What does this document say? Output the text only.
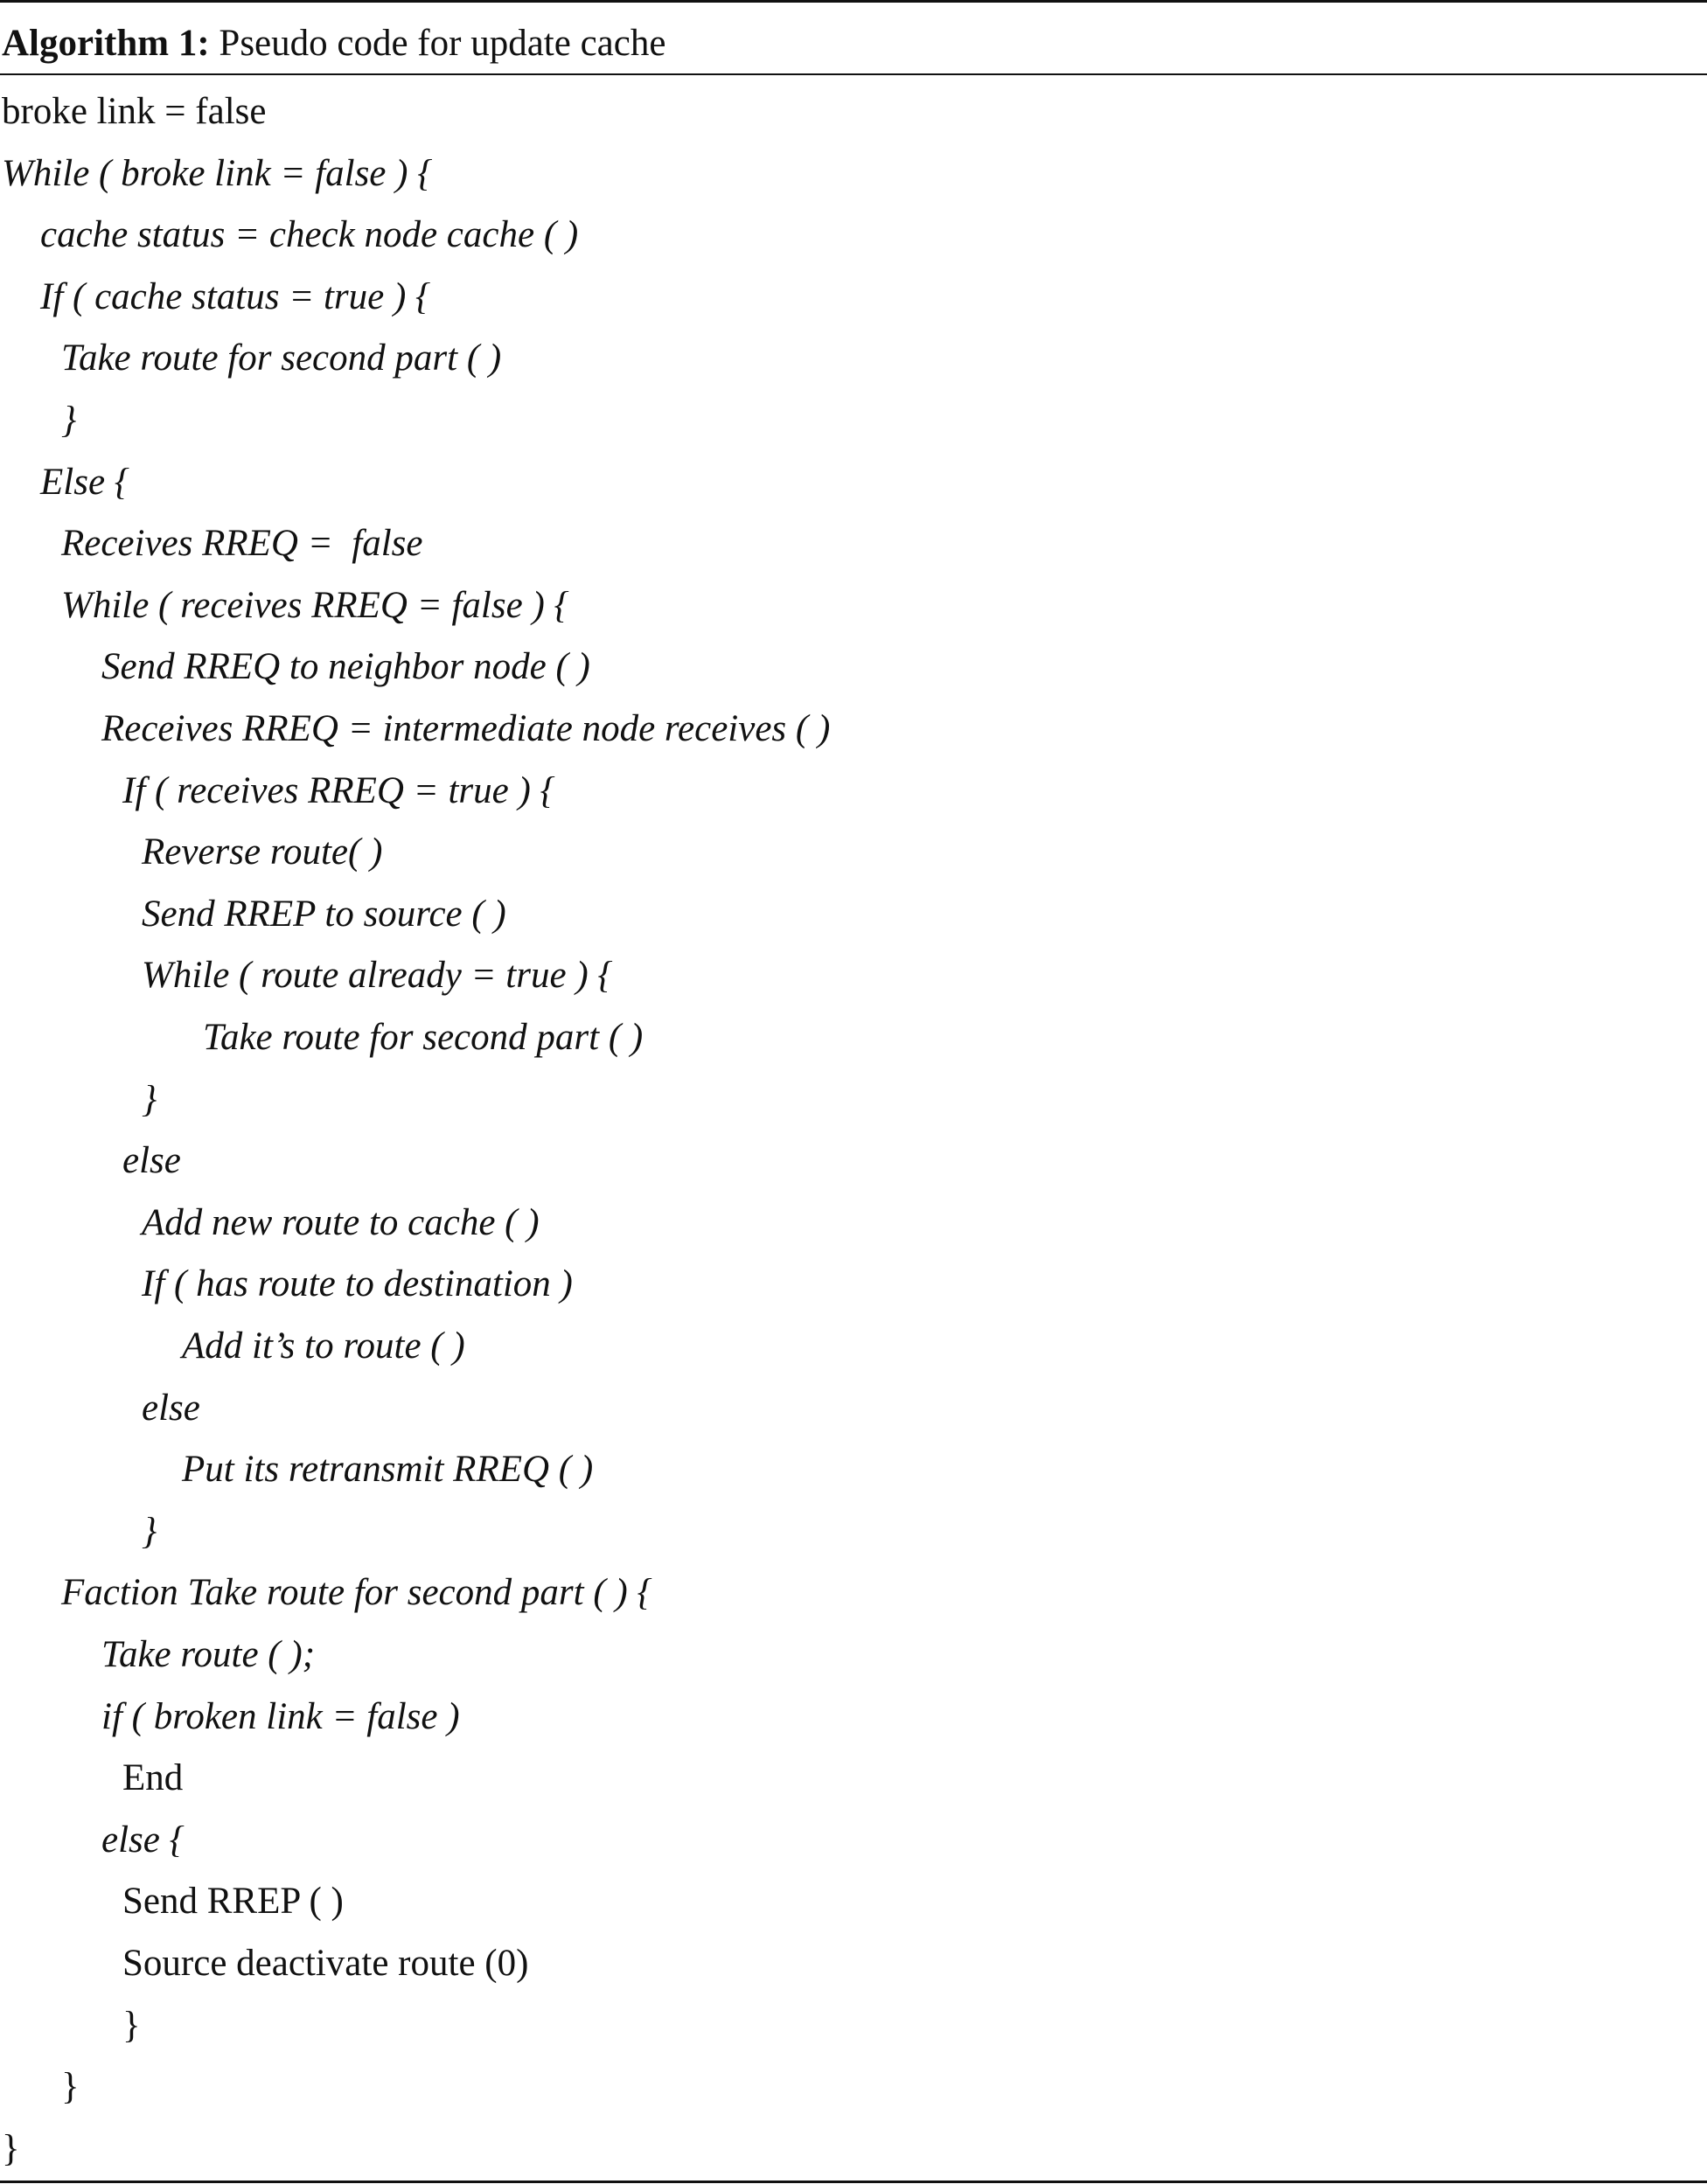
Algorithm 1: Pseudo code for update cache
broke link = false
While ( broke link = false ) {
cache status = check node cache ( )
If ( cache status = true ) {
Take route for second part ( )
}
Else {
Receives RREQ =  false
While ( receives RREQ = false ) {
Send RREQ to neighbor node ( )
Receives RREQ = intermediate node receives ( )
If ( receives RREQ = true ) {
Reverse route( )
Send RREP to source ( )
While ( route already = true ) {
Take route for second part ( )
}
else
Add new route to cache ( )
If ( has route to destination )
Add it’s to route ( )
else
Put its retransmit RREQ ( )
}
Faction Take route for second part ( ) {
Take route ( );
if ( broken link = false )
End
else {
Send RREP ( )
Source deactivate route (0)
}
}
}
